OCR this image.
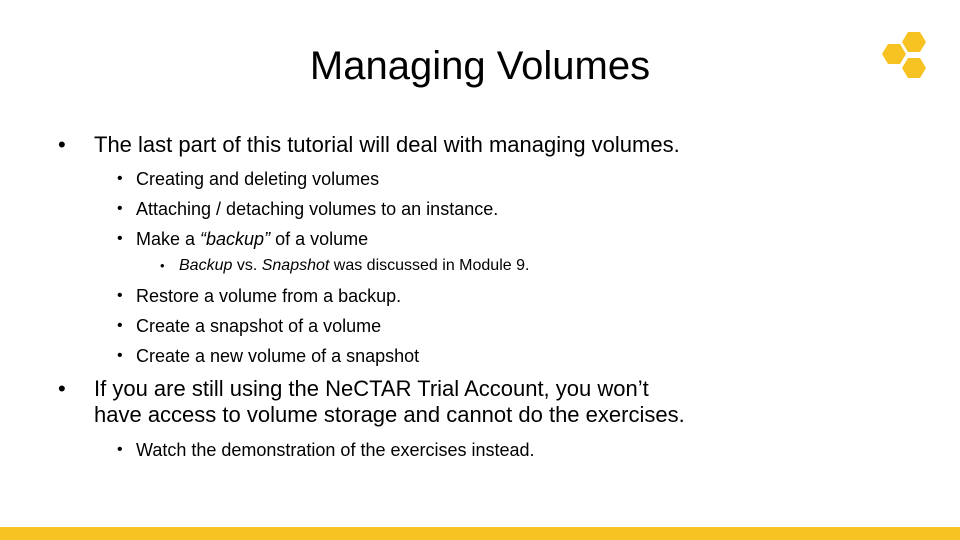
Managing Volumes
• The last part of this tutorial will deal with managing volumes.
• Creating and deleting volumes
• Attaching / detaching volumes to an instance.
• Make a “backup” of a volume
• Backup vs. Snapshot was discussed in Module 9.
• Restore a volume from a backup.
• Create a snapshot of a volume
• Create a new volume of a snapshot
• If you are still using the NeCTAR Trial Account, you won’t
have access to volume storage and cannot do the exercises.
• Watch the demonstration of the exercises instead.
